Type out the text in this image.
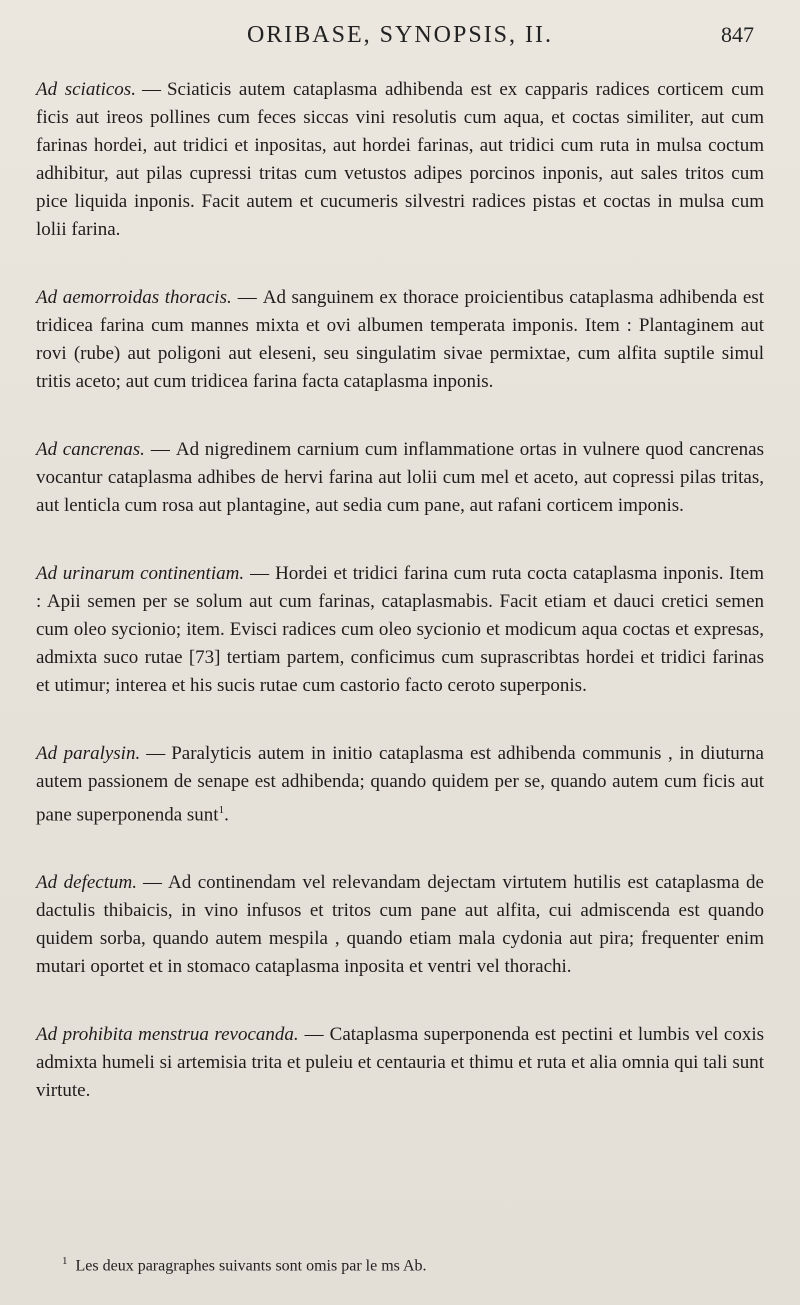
ORIBASE, SYNOPSIS, II.	847

Ad sciaticos. — Sciaticis autem cataplasma adhibenda est ex capparis radices corticem cum ficis aut ireos pollines cum feces siccas vini resolutis cum aqua, et coctas similiter, aut cum farinas hordei, aut tridici et inpositas, aut hordei farinas, aut tridici cum ruta in mulsa coctum adhibitur, aut pilas cupressi tritas cum vetustos adipes porcinos inponis, aut sales tritos cum pice liquida inponis. Facit autem et cucumeris silvestri radices pistas et coctas in mulsa cum lolii farina.

Ad aemorroidas thoracis. — Ad sanguinem ex thorace proicientibus cataplasma adhibenda est tridicea farina cum mannes mixta et ovi albumen temperata imponis. Item : Plantaginem aut rovi (rube) aut poligoni aut eleseni, seu singulatim sivae permixtae, cum alfita suptile simul tritis aceto; aut cum tridicea farina facta cataplasma inponis.

Ad cancrenas. — Ad nigredinem carnium cum inflammatione ortas in vulnere quod cancrenas vocantur cataplasma adhibes de hervi farina aut lolii cum mel et aceto, aut copressi pilas tritas, aut lenticla cum rosa aut plantagine, aut sedia cum pane, aut rafani corticem imponis.

Ad urinarum continentiam. — Hordei et tridici farina cum ruta cocta cataplasma inponis. Item : Apii semen per se solum aut cum farinas, cataplasmabis. Facit etiam et dauci cretici semen cum oleo sycionio; item. Evisci radices cum oleo sycionio et modicum aqua coctas et expresas, admixta suco rutae [73] tertiam partem, conficimus cum suprascribtas hordei et tridici farinas et utimur; interea et his sucis rutae cum castorio facto ceroto superponis.

Ad paralysin. — Paralyticis autem in initio cataplasma est adhibenda communis , in diuturna autem passionem de senape est adhibenda; quando quidem per se, quando autem cum ficis aut pane superponenda sunt$^1$.

Ad defectum. — Ad continendam vel relevandam dejectam virtutem hutilis est cataplasma de dactulis thibaicis, in vino infusos et tritos cum pane aut alfita, cui admiscenda est quando quidem sorba, quando autem mespila , quando etiam mala cydonia aut pira; frequenter enim mutari oportet et in stomaco cataplasma inposita et ventri vel thorachi.

Ad prohibita menstrua revocanda. — Cataplasma superponenda est pectini et lumbis vel coxis admixta humeli si artemisia trita et puleiu et centauria et thimu et ruta et alia omnia qui tali sunt virtute.

$^1$ Les deux paragraphes suivants sont omis par le ms Ab.
